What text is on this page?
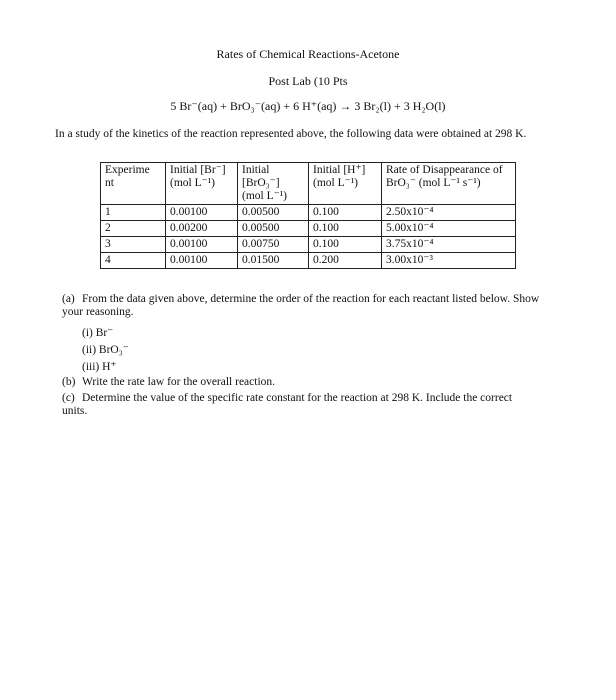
Rates of Chemical Reactions-Acetone
Post Lab (10 Pts
5 Br⁻(aq) + BrO₃⁻(aq) + 6 H⁺(aq) → 3 Br₂(l) + 3 H₂O(l)
In a study of the kinetics of the reaction represented above, the following data were obtained at 298 K.
Experime nt	Initial [Br⁻] (mol L⁻¹)	Initial [BrO₃⁻] (mol L⁻¹)	Initial [H⁺] (mol L⁻¹)	Rate of Disappearance of BrO₃⁻ (mol L⁻¹ s⁻¹)
1	0.00100	0.00500	0.100	2.50x10⁻⁴
2	0.00200	0.00500	0.100	5.00x10⁻⁴
3	0.00100	0.00750	0.100	3.75x10⁻⁴
4	0.00100	0.01500	0.200	3.00x10⁻³
(a) From the data given above, determine the order of the reaction for each reactant listed below. Show your reasoning.
(i) Br⁻
(ii) BrO₃⁻
(iii) H⁺
(b) Write the rate law for the overall reaction.
(c) Determine the value of the specific rate constant for the reaction at 298 K. Include the correct units.
